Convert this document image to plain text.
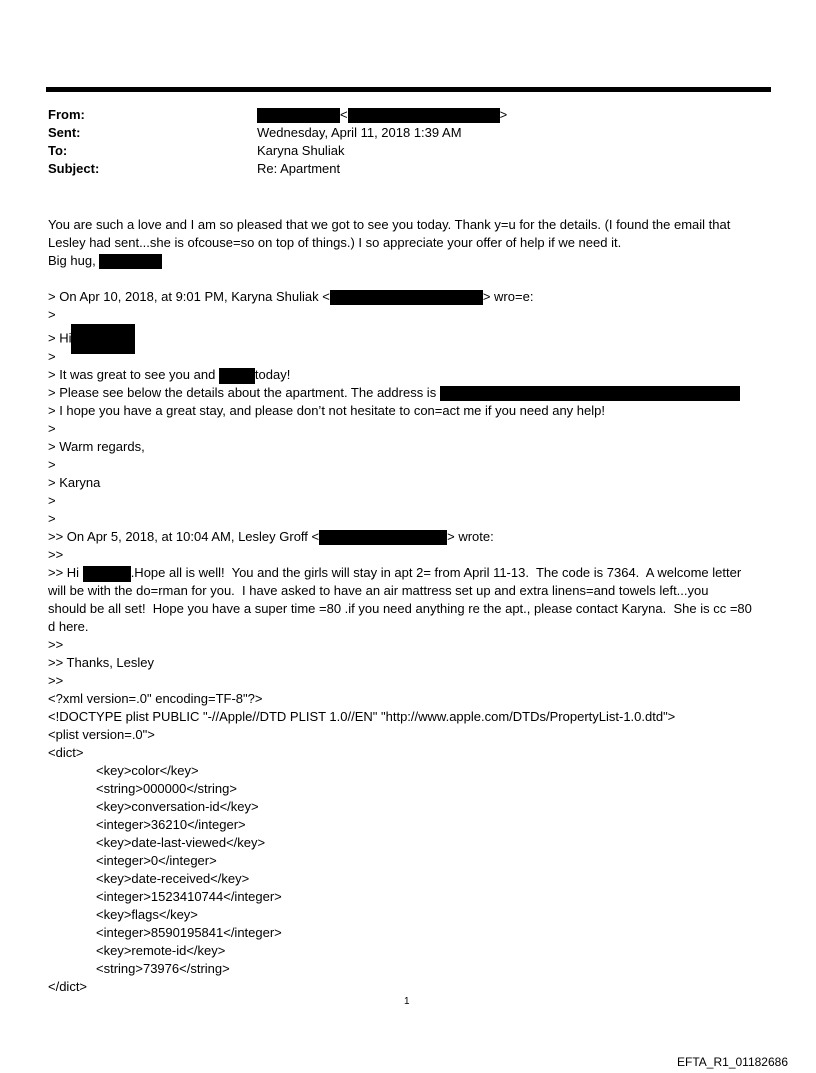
From:	<	>
Sent:	Wednesday, April 11, 2018 1:39 AM
To:	Karyna Shuliak
Subject:	Re: Apartment
You are such a love and I am so pleased that we got to see you today. Thank y=u for the details. (I found the email that
Lesley had sent...she is ofcouse=so on top of things.) I so appreciate your offer of help if we need it.
Big hug,
> On Apr 10, 2018, at 9:01 PM, Karyna Shuliak <	> wro=e:
>
> Hi
>
> It was great to see you and	today!
> Please see below the details about the apartment. The address is
> I hope you have a great stay, and please don’t not hesitate to con=act me if you need any help!
>
> Warm regards,
>
> Karyna
>
>
>> On Apr 5, 2018, at 10:04 AM, Lesley Groff <	> wrote:
>>
>> Hi	.Hope all is well!  You and the girls will stay in apt 2= from April 11-13.  The code is 7364.  A welcome letter
will be with the do=rman for you.  I have asked to have an air mattress set up and extra linens=and towels left...you
should be all set!  Hope you have a super time =80 .if you need anything re the apt., please contact Karyna.  She is cc =80
d here.
>>
>> Thanks, Lesley
>>
<?xml version=.0" encoding=TF-8"?>
<!DOCTYPE plist PUBLIC "-//Apple//DTD PLIST 1.0//EN" "http://www.apple.com/DTDs/PropertyList-1.0.dtd">
<plist version=.0">
<dict>
<key>color</key>
<string>000000</string>
<key>conversation-id</key>
<integer>36210</integer>
<key>date-last-viewed</key>
<integer>0</integer>
<key>date-received</key>
<integer>1523410744</integer>
<key>flags</key>
<integer>8590195841</integer>
<key>remote-id</key>
<string>73976</string>
</dict>
1
EFTA_R1_01182686
